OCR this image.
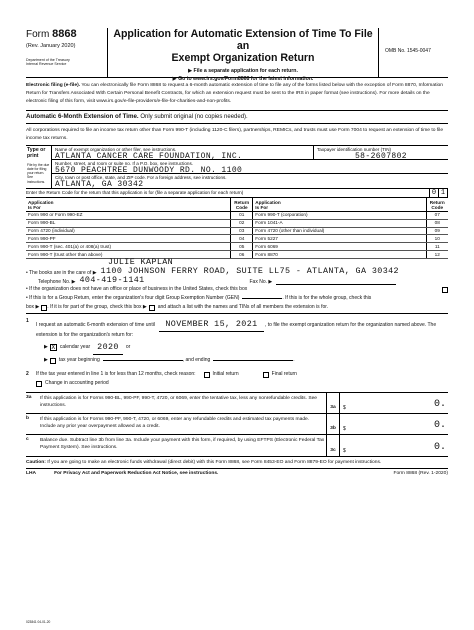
Form 8868
(Rev. January 2020)
Department of the Treasury
Internal Revenue Service
Application for Automatic Extension of Time To File an
Exempt Organization Return
▶ File a separate application for each return.
▶ Go to www.irs.gov/Form8868 for the latest information.
OMB No. 1545-0047
Electronic filing (e-file). You can electronically file Form 8868 to request a 6-month automatic extension of time to file any of the forms listed below with the exception of Form 8870, Information Return for Transfers Associated With Certain Personal Benefit Contracts, for which an extension request must be sent to the IRS in paper format (see instructions). For more details on the electronic filing of this form, visit www.irs.gov/e-file-providers/e-file-for-charities-and-non-profits.
Automatic 6-Month Extension of Time. Only submit original (no copies needed).
All corporations required to file an income tax return other than Form 990-T (including 1120-C filers), partnerships, REMICs, and trusts must use Form 7004 to request an extension of time to file income tax returns.
Type or
print
File by the due date for filing your return. See instructions.
Name of exempt organization or other filer, see instructions.
ATLANTA CANCER CARE FOUNDATION, INC.
Taxpayer identification number (TIN)
58-2607802
Number, street, and room or suite no. If a P.O. box, see instructions.
5670 PEACHTREE DUNWOODY RD. NO. 1100
City, town or post office, state, and ZIP code. For a foreign address, see instructions.
ATLANTA, GA 30342
Enter the Return Code for the return that this application is for (file a separate application for each return)	0 1
Application
Is For	Return
Code	Application
Is For	Return
Code
Form 990 or Form 990-EZ	01	Form 990-T (corporation)	07
Form 990-BL	02	Form 1041-A	08
Form 4720 (individual)	03	Form 4720 (other than individual)	09
Form 990-PF	04	Form 5227	10
Form 990-T (sec. 401(a) or 408(a) trust)	05	Form 6069	11
Form 990-T (trust other than above)	06	Form 8870	12
JULIE KAPLAN
• The books are in the care of ▶ 1100 JOHNSON FERRY ROAD, SUITE LL75 - ATLANTA, GA 30342
Telephone No. ▶ 404-419-1141	Fax No. ▶
• If the organization does not have an office or place of business in the United States, check this box
• If this is for a Group Return, enter the organization's four digit Group Exemption Number (GEN)	. If this is for the whole group, check this
box ▶ . If it is for part of the group, check this box ▶ and attach a list with the names and TINs of all members the extension is for.
1
I request an automatic 6-month extension of time until NOVEMBER 15, 2021 , to file the exempt organization return for the organization named above. The extension is for the organization's return for:
▶ X calendar year 2020	or
▶ tax year beginning	, and ending	.
2	If the tax year entered in line 1 is for less than 12 months, check reason:	Initial return	Final return
Change in accounting period
3a	If this application is for Forms 990-BL, 990-PF, 990-T, 4720, or 6069, enter the tentative tax, less any nonrefundable credits. See instructions.	3a	$	0.
b	If this application is for Forms 990-PF, 990-T, 4720, or 6069, enter any refundable credits and estimated tax payments made. Include any prior year overpayment allowed as a credit.	3b	$	0.
c	Balance due. Subtract line 3b from line 3a. Include your payment with this form, if required, by using EFTPS (Electronic Federal Tax Payment System). See instructions.	3c	$	0.
Caution: If you are going to make an electronic funds withdrawal (direct debit) with this Form 8868, see Form 8453-EO and Form 8879-EO for payment instructions.
LHA	For Privacy Act and Paperwork Reduction Act Notice, see instructions.	Form 8868 (Rev. 1-2020)
023841 04-01-20
